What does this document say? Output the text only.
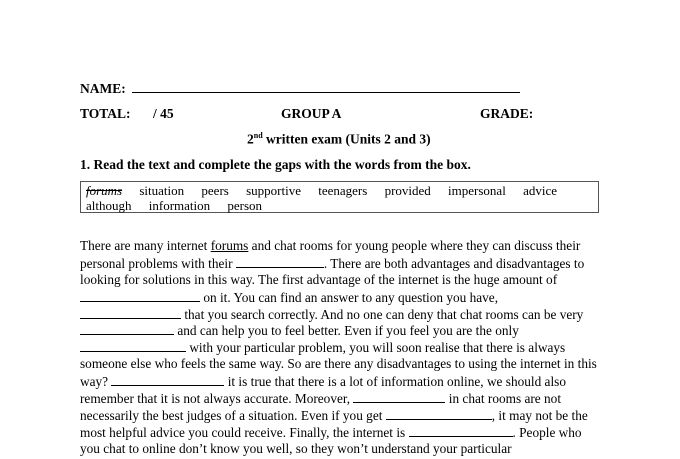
NAME:
TOTAL: / 45	GROUP A	GRADE:
2nd written exam (Units 2 and 3)
1. Read the text and complete the gaps with the words from the box.
forums situation peers supportive teenagers provided impersonal advice
although information person
There are many internet forums and chat rooms for young people where they can discuss their
personal problems with their	. There are both advantages and disadvantages to
looking for solutions in this way. The first advantage of the internet is the huge amount of
on it. You can find an answer to any question you have,
that you search correctly. And no one can deny that chat rooms can be very
and can help you to feel better. Even if you feel you are the only
with your particular problem, you will soon realise that there is always
someone else who feels the same way. So are there any disadvantages to using the internet in this
way?	it is true that there is a lot of information online, we should also
remember that it is not always accurate. Moreover,	in chat rooms are not
necessarily the best judges of a situation. Even if you get	, it may not be the
most helpful advice you could receive. Finally, the internet is	. People who
you chat to online don’t know you well, so they won’t understand your particular
